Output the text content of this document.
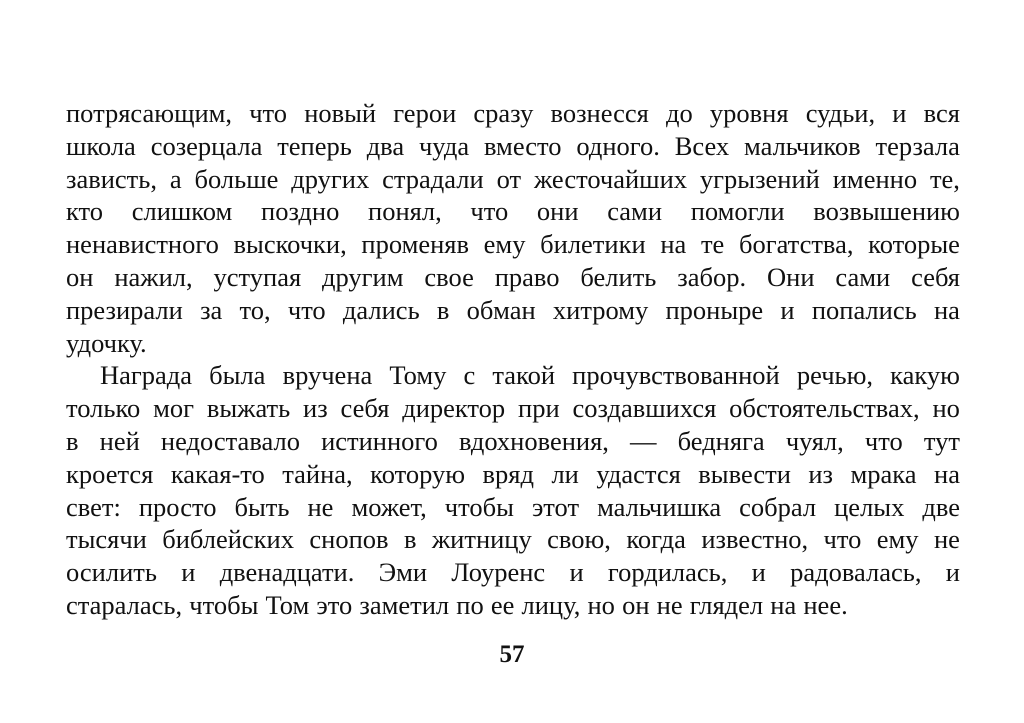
потрясающим, что новый герои сразу вознесся до уровня судьи, и вся
школа созерцала теперь два чуда вместо одного. Всех мальчиков терзала
зависть, а больше других страдали от жесточайших угрызений именно те,
кто слишком поздно понял, что они сами помогли возвышению
ненавистного выскочки, променяв ему билетики на те богатства, которые
он нажил, уступая другим свое право белить забор. Они сами себя
презирали за то, что дались в обман хитрому проныре и попались на
удочку.
Награда была вручена Тому с такой прочувствованной речью, какую
только мог выжать из себя директор при создавшихся обстоятельствах, но
в ней недоставало истинного вдохновения, — бедняга чуял, что тут
кроется какая-то тайна, которую вряд ли удастся вывести из мрака на
свет: просто быть не может, чтобы этот мальчишка собрал целых две
тысячи библейских снопов в житницу свою, когда известно, что ему не
осилить и двенадцати. Эми Лоуренс и гордилась, и радовалась, и
старалась, чтобы Том это заметил по ее лицу, но он не глядел на нее.
57
